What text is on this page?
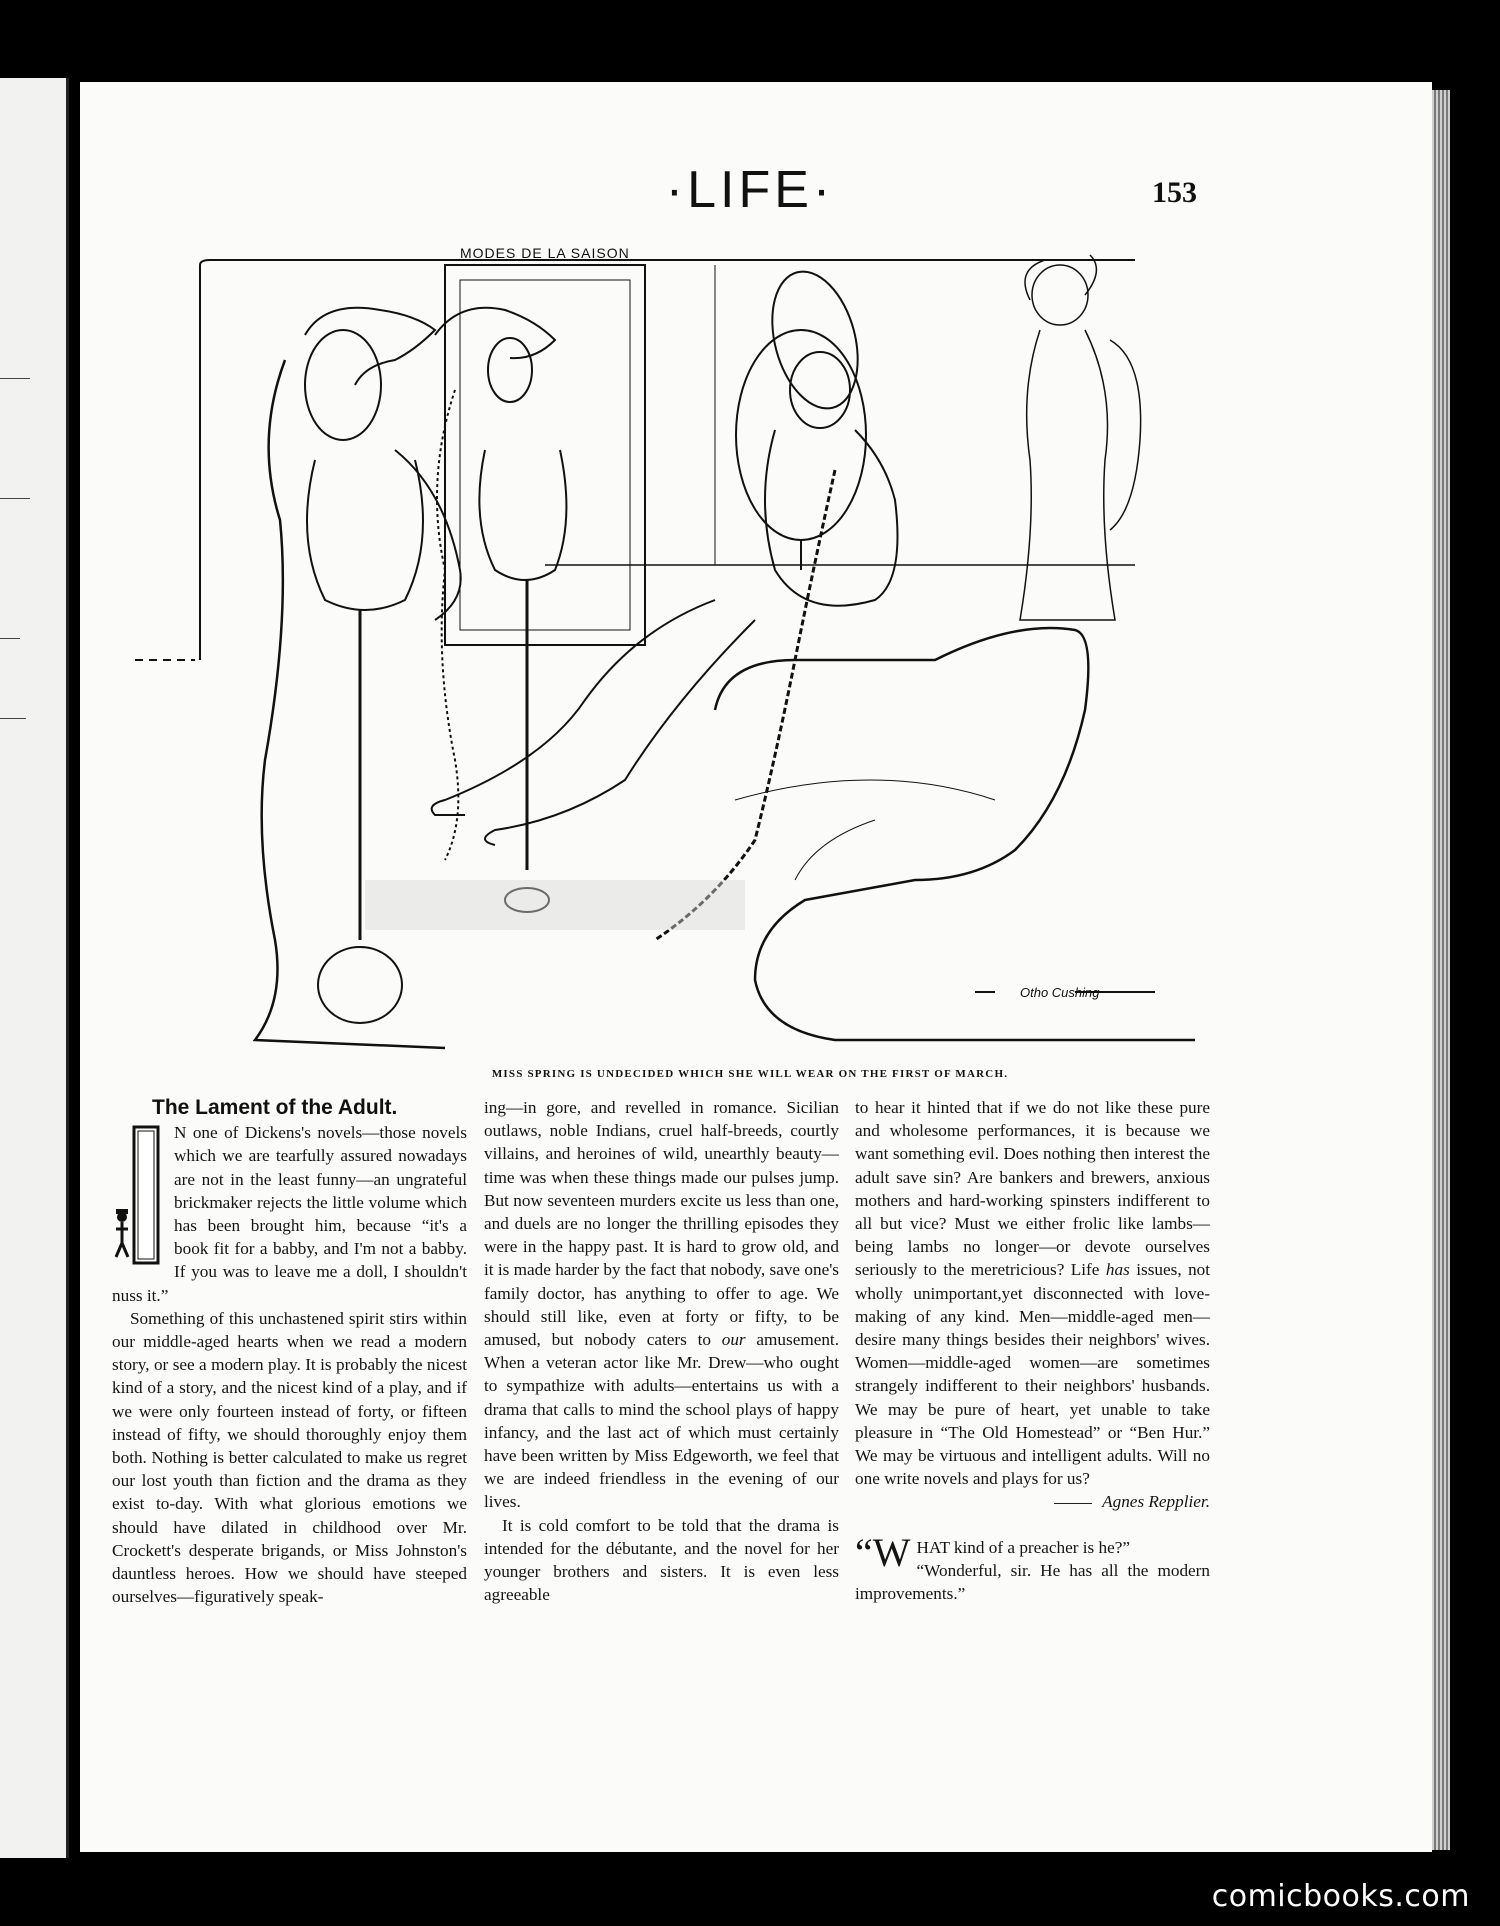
·LIFE·	153
MODES DE LA SAISON
Otho Cushing
MISS SPRING IS UNDECIDED WHICH SHE WILL WEAR ON THE FIRST OF MARCH.
The Lament of the Adult.

N one of Dickens's novels—those novels which we are tearfully assured nowadays are not in the least funny—an ungrateful brickmaker rejects the little volume which has been brought him, because “it's a book fit for a babby, and I'm not a babby. If you was to leave me a doll, I shouldn't nuss it.”

Something of this unchastened spirit stirs within our middle-aged hearts when we read a modern story, or see a modern play. It is probably the nicest kind of a story, and the nicest kind of a play, and if we were only fourteen instead of forty, or fifteen instead of fifty, we should thoroughly enjoy them both. Nothing is better calculated to make us regret our lost youth than fiction and the drama as they exist to-day. With what glorious emotions we should have dilated in childhood over Mr. Crockett's desperate brigands, or Miss Johnston's dauntless heroes. How we should have steeped ourselves—figuratively speak-

ing—in gore, and revelled in romance. Sicilian outlaws, noble Indians, cruel half-breeds, courtly villains, and heroines of wild, unearthly beauty—time was when these things made our pulses jump. But now seventeen murders excite us less than one, and duels are no longer the thrilling episodes they were in the happy past. It is hard to grow old, and it is made harder by the fact that nobody, save one's family doctor, has anything to offer to age. We should still like, even at forty or fifty, to be amused, but nobody caters to our amusement. When a veteran actor like Mr. Drew—who ought to sympathize with adults—entertains us with a drama that calls to mind the school plays of happy infancy, and the last act of which must certainly have been written by Miss Edgeworth, we feel that we are indeed friendless in the evening of our lives.

It is cold comfort to be told that the drama is intended for the débutante, and the novel for her younger brothers and sisters. It is even less agreeable

to hear it hinted that if we do not like these pure and wholesome performances, it is because we want something evil. Does nothing then interest the adult save sin? Are bankers and brewers, anxious mothers and hard-working spinsters indifferent to all but vice? Must we either frolic like lambs—being lambs no longer—or devote ourselves seriously to the meretricious? Life has issues, not wholly unimportant,yet disconnected with love-making of any kind. Men—middle-aged men—desire many things besides their neighbors' wives. Women—middle-aged women—are sometimes strangely indifferent to their neighbors' husbands. We may be pure of heart, yet unable to take pleasure in “The Old Homestead” or “Ben Hur.” We may be virtuous and intelligent adults. Will no one write novels and plays for us?

Agnes Repplier.
“W HAT kind of a preacher is he?”
“Wonderful, sir. He has all the modern improvements.”
comicbooks.com
